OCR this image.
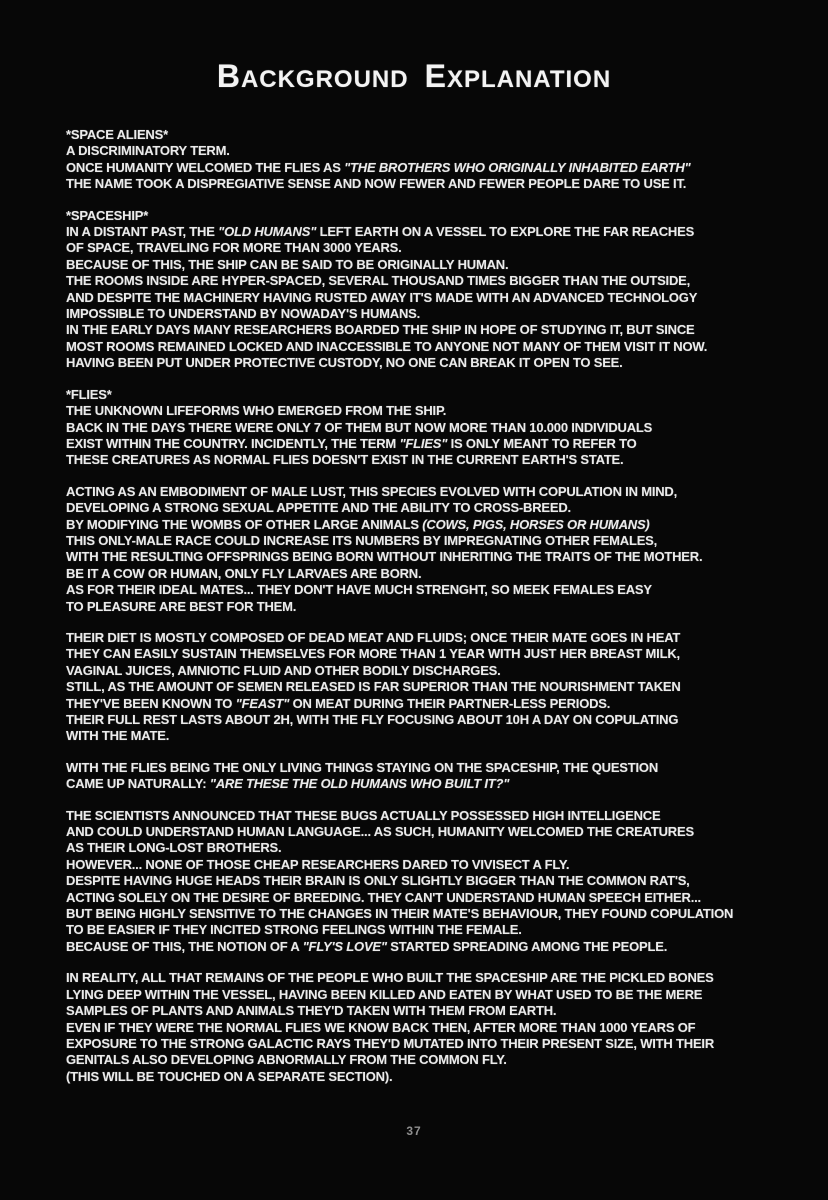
BACKGROUND EXPLANATION
*SPACE ALIENS*
A DISCRIMINATORY TERM.
ONCE HUMANITY WELCOMED THE FLIES AS "THE BROTHERS WHO ORIGINALLY INHABITED EARTH"
THE NAME TOOK A DISPREGIATIVE SENSE AND NOW FEWER AND FEWER PEOPLE DARE TO USE IT.
*SPACESHIP*
IN A DISTANT PAST, THE "OLD HUMANS" LEFT EARTH ON A VESSEL TO EXPLORE THE FAR REACHES
OF SPACE, TRAVELING FOR MORE THAN 3000 YEARS.
BECAUSE OF THIS, THE SHIP CAN BE SAID TO BE ORIGINALLY HUMAN.
THE ROOMS INSIDE ARE HYPER-SPACED, SEVERAL THOUSAND TIMES BIGGER THAN THE OUTSIDE,
AND DESPITE THE MACHINERY HAVING RUSTED AWAY IT'S MADE WITH AN ADVANCED TECHNOLOGY
IMPOSSIBLE TO UNDERSTAND BY NOWADAY'S HUMANS.
IN THE EARLY DAYS MANY RESEARCHERS BOARDED THE SHIP IN HOPE OF STUDYING IT, BUT SINCE
MOST ROOMS REMAINED LOCKED AND INACCESSIBLE TO ANYONE NOT MANY OF THEM VISIT IT NOW.
HAVING BEEN PUT UNDER PROTECTIVE CUSTODY, NO ONE CAN BREAK IT OPEN TO SEE.
*FLIES*
THE UNKNOWN LIFEFORMS WHO EMERGED FROM THE SHIP.
BACK IN THE DAYS THERE WERE ONLY 7 OF THEM BUT NOW MORE THAN 10.000 INDIVIDUALS
EXIST WITHIN THE COUNTRY. INCIDENTLY, THE TERM "FLIES" IS ONLY MEANT TO REFER TO
THESE CREATURES AS NORMAL FLIES DOESN'T EXIST IN THE CURRENT EARTH'S STATE.
ACTING AS AN EMBODIMENT OF MALE LUST, THIS SPECIES EVOLVED WITH COPULATION IN MIND,
DEVELOPING A STRONG SEXUAL APPETITE AND THE ABILITY TO CROSS-BREED.
BY MODIFYING THE WOMBS OF OTHER LARGE ANIMALS (COWS, PIGS, HORSES OR HUMANS)
THIS ONLY-MALE RACE COULD INCREASE ITS NUMBERS BY IMPREGNATING OTHER FEMALES,
WITH THE RESULTING OFFSPRINGS BEING BORN WITHOUT INHERITING THE TRAITS OF THE MOTHER.
BE IT A COW OR HUMAN, ONLY FLY LARVAES ARE BORN.
AS FOR THEIR IDEAL MATES... THEY DON'T HAVE MUCH STRENGHT, SO MEEK FEMALES EASY
TO PLEASURE ARE BEST FOR THEM.
THEIR DIET IS MOSTLY COMPOSED OF DEAD MEAT AND FLUIDS; ONCE THEIR MATE GOES IN HEAT
THEY CAN EASILY SUSTAIN THEMSELVES FOR MORE THAN 1 YEAR WITH JUST HER BREAST MILK,
VAGINAL JUICES, AMNIOTIC FLUID AND OTHER BODILY DISCHARGES.
STILL, AS THE AMOUNT OF SEMEN RELEASED IS FAR SUPERIOR THAN THE NOURISHMENT TAKEN
THEY'VE BEEN KNOWN TO "FEAST" ON MEAT DURING THEIR PARTNER-LESS PERIODS.
THEIR FULL REST LASTS ABOUT 2H, WITH THE FLY FOCUSING ABOUT 10H A DAY ON COPULATING
WITH THE MATE.
WITH THE FLIES BEING THE ONLY LIVING THINGS STAYING ON THE SPACESHIP, THE QUESTION
CAME UP NATURALLY: "ARE THESE THE OLD HUMANS WHO BUILT IT?"
THE SCIENTISTS ANNOUNCED THAT THESE BUGS ACTUALLY POSSESSED HIGH INTELLIGENCE
AND COULD UNDERSTAND HUMAN LANGUAGE... AS SUCH, HUMANITY WELCOMED THE CREATURES
AS THEIR LONG-LOST BROTHERS.
HOWEVER... NONE OF THOSE CHEAP RESEARCHERS DARED TO VIVISECT A FLY.
DESPITE HAVING HUGE HEADS THEIR BRAIN IS ONLY SLIGHTLY BIGGER THAN THE COMMON RAT'S,
ACTING SOLELY ON THE DESIRE OF BREEDING. THEY CAN'T UNDERSTAND HUMAN SPEECH EITHER...
BUT BEING HIGHLY SENSITIVE TO THE CHANGES IN THEIR MATE'S BEHAVIOUR, THEY FOUND COPULATION
TO BE EASIER IF THEY INCITED STRONG FEELINGS WITHIN THE FEMALE.
BECAUSE OF THIS, THE NOTION OF A "FLY'S LOVE" STARTED SPREADING AMONG THE PEOPLE.
IN REALITY, ALL THAT REMAINS OF THE PEOPLE WHO BUILT THE SPACESHIP ARE THE PICKLED BONES
LYING DEEP WITHIN THE VESSEL, HAVING BEEN KILLED AND EATEN BY WHAT USED TO BE THE MERE
SAMPLES OF PLANTS AND ANIMALS THEY'D TAKEN WITH THEM FROM EARTH.
EVEN IF THEY WERE THE NORMAL FLIES WE KNOW BACK THEN, AFTER MORE THAN 1000 YEARS OF
EXPOSURE TO THE STRONG GALACTIC RAYS THEY'D MUTATED INTO THEIR PRESENT SIZE, WITH THEIR
GENITALS ALSO DEVELOPING ABNORMALLY FROM THE COMMON FLY.
(THIS WILL BE TOUCHED ON A SEPARATE SECTION).
37
